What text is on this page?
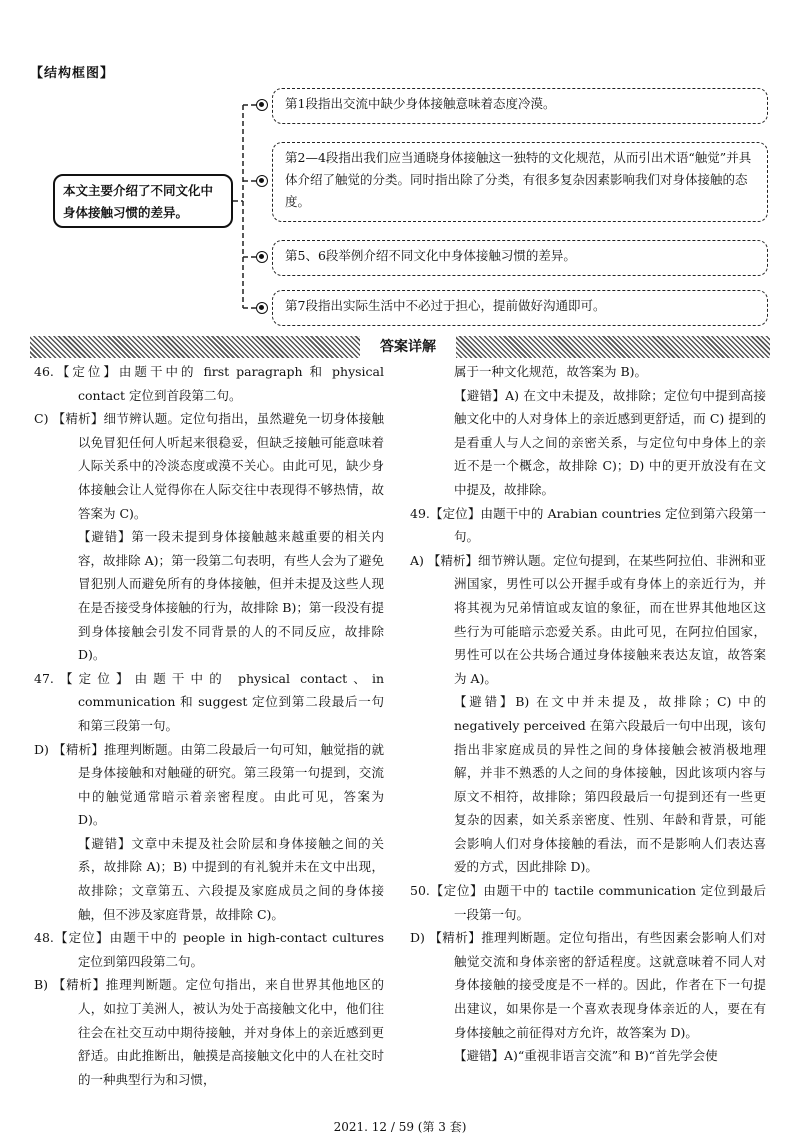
【结构框图】
本文主要介绍了不同文化中身体接触习惯的差异。
第1段指出交流中缺少身体接触意味着态度冷漠。
第2—4段指出我们应当通晓身体接触这一独特的文化规范，从而引出术语“触觉”并具体介绍了触觉的分类。同时指出除了分类，有很多复杂因素影响我们对身体接触的态度。
第5、6段举例介绍不同文化中身体接触习惯的差异。
第7段指出实际生活中不必过于担心，提前做好沟通即可。
答案详解

46.【定位】由题干中的 first paragraph 和 physical contact 定位到首段第二句。

C) 【精析】细节辨认题。定位句指出，虽然避免一切身体接触以免冒犯任何人听起来很稳妥，但缺乏接触可能意味着人际关系中的冷淡态度或漠不关心。由此可见，缺少身体接触会让人觉得你在人际交往中表现得不够热情，故答案为 C)。

【避错】第一段未提到身体接触越来越重要的相关内容，故排除 A)；第一段第二句表明，有些人会为了避免冒犯别人而避免所有的身体接触，但并未提及这些人现在是否接受身体接触的行为，故排除 B)；第一段没有提到身体接触会引发不同背景的人的不同反应，故排除 D)。

47.【定位】由题干中的 physical contact、in communication 和 suggest 定位到第二段最后一句和第三段第一句。

D) 【精析】推理判断题。由第二段最后一句可知，触觉指的就是身体接触和对触碰的研究。第三段第一句提到，交流中的触觉通常暗示着亲密程度。由此可见，答案为 D)。

【避错】文章中未提及社会阶层和身体接触之间的关系，故排除 A)；B) 中提到的有礼貌并未在文中出现，故排除；文章第五、六段提及家庭成员之间的身体接触，但不涉及家庭背景，故排除 C)。

48.【定位】由题干中的 people in high-contact cultures 定位到第四段第二句。

B) 【精析】推理判断题。定位句指出，来自世界其他地区的人，如拉丁美洲人，被认为处于高接触文化中，他们往往会在社交互动中期待接触，并对身体上的亲近感到更舒适。由此推断出，触摸是高接触文化中的人在社交时的一种典型行为和习惯，

属于一种文化规范，故答案为 B)。

【避错】A) 在文中未提及，故排除；定位句中提到高接触文化中的人对身体上的亲近感到更舒适，而 C) 提到的是看重人与人之间的亲密关系，与定位句中身体上的亲近不是一个概念，故排除 C)；D) 中的更开放没有在文中提及，故排除。

49.【定位】由题干中的 Arabian countries 定位到第六段第一句。

A) 【精析】细节辨认题。定位句提到，在某些阿拉伯、非洲和亚洲国家，男性可以公开握手或有身体上的亲近行为，并将其视为兄弟情谊或友谊的象征，而在世界其他地区这些行为可能暗示恋爱关系。由此可见，在阿拉伯国家，男性可以在公共场合通过身体接触来表达友谊，故答案为 A)。

【避错】B) 在文中并未提及，故排除；C) 中的 negatively perceived 在第六段最后一句中出现，该句指出非家庭成员的异性之间的身体接触会被消极地理解，并非不熟悉的人之间的身体接触，因此该项内容与原文不相符，故排除；第四段最后一句提到还有一些更复杂的因素，如关系亲密度、性别、年龄和背景，可能会影响人们对身体接触的看法，而不是影响人们表达喜爱的方式，因此排除 D)。

50.【定位】由题干中的 tactile communication 定位到最后一段第一句。

D) 【精析】推理判断题。定位句指出，有些因素会影响人们对触觉交流和身体亲密的舒适程度。这就意味着不同人对身体接触的接受度是不一样的。因此，作者在下一句提出建议，如果你是一个喜欢表现身体亲近的人，要在有身体接触之前征得对方允许，故答案为 D)。

【避错】A)“重视非语言交流”和 B)“首先学会使

2021. 12 / 59 (第 3 套)
